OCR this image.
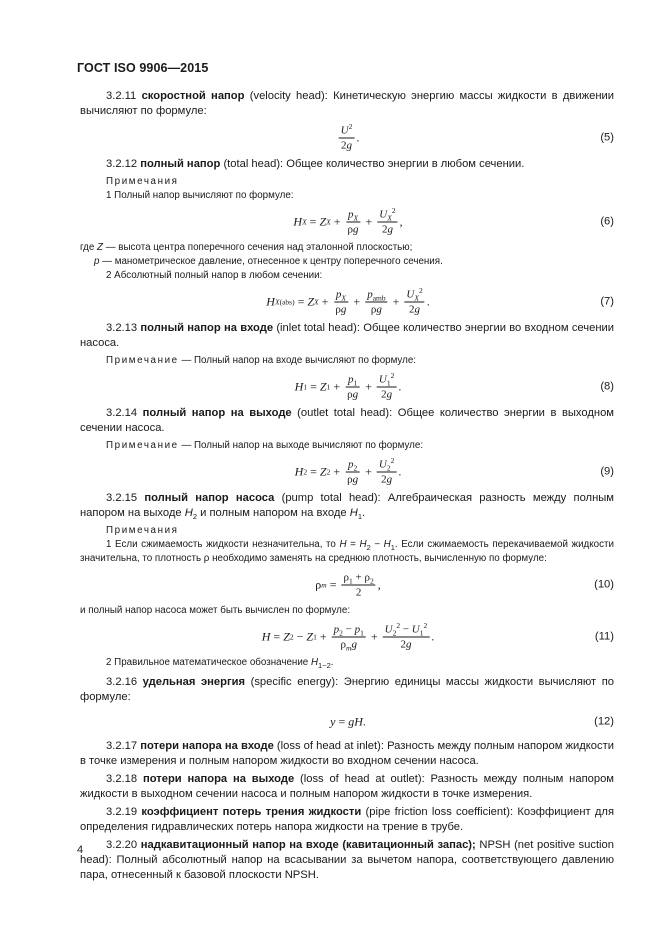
ГОСТ ISO 9906—2015

3.2.11 скоростной напор (velocity head): Кинетическую энергию массы жидкости в движении вычисляют по формуле:

$\frac{U^2}{2g}$ .	(5)

3.2.12 полный напор (total head): Общее количество энергии в любом сечении.

Примечания

1 Полный напор вычисляют по формуле:

H X = Z $X + \frac{p_X}{\rho g} + \frac{U_X^2}{2g}$ ,	(6)

где Z — высота центра поперечного сечения над эталонной плоскостью;

p — манометрическое давление, отнесенное к центру поперечного сечения.

2 Абсолютный полный напор в любом сечении:

H X(abs) = Z $X + \frac{p_X}{\rho g} + \frac{p_{amb}}{\rho g} + \frac{U_X^2}{2g}$ .	(7)

3.2.13 полный напор на входе (inlet total head): Общее количество энергии во входном сечении насоса.

Примечание — Полный напор на входе вычисляют по формуле:

H 1 = Z $1 + \frac{p_1}{\rho g} + \frac{U_1^2}{2g}$ .	(8)

3.2.14 полный напор на выходе (outlet total head): Общее количество энергии в выходном сечении насоса.

Примечание — Полный напор на выходе вычисляют по формуле:

H 2 = Z $2 + \frac{p_2}{\rho g} + \frac{U_2^2}{2g}$ .	(9)

3.2.15 полный напор насоса (pump total head): Алгебраическая разность между полным напором на выходе $H_2$ и полным напором на входе $H_1$.

Примечания

1 Если сжимаемость жидкости незначительна, то $H = H_2 - H_1$. Если сжимаемость перекачиваемой жидкости значительна, то плотность ρ необходимо заменять на среднюю плотность, вычисленную по формуле:

ρ $m = \frac{\rho_1 + \rho_2}{2}$ ,	(10)

и полный напор насоса может быть вычислен по формуле:

H = Z 2 − Z $1 + \frac{p_2 - p_1}{\rho_mg} + \frac{U_2^2 - U_1^2}{2g}$ .	(11)

2 Правильное математическое обозначение $H_{1-2}$.

3.2.16 удельная энергия (specific energy): Энергию единицы массы жидкости вычисляют по формуле:

y = gH .	(12)

3.2.17 потери напора на входе (loss of head at inlet): Разность между полным напором жидкости в точке измерения и полным напором жидкости во входном сечении насоса.

3.2.18 потери напора на выходе (loss of head at outlet): Разность между полным напором жидкости в выходном сечении насоса и полным напором жидкости в точке измерения.

3.2.19 коэффициент потерь трения жидкости (pipe friction loss coefficient): Коэффициент для определения гидравлических потерь напора жидкости на трение в трубе.

3.2.20 надкавитационный напор на входе (кавитационный запас); NPSH (net positive suction head): Полный абсолютный напор на всасывании за вычетом напора, соответствующего давлению пара, отнесенный к базовой плоскости NPSH.

4
